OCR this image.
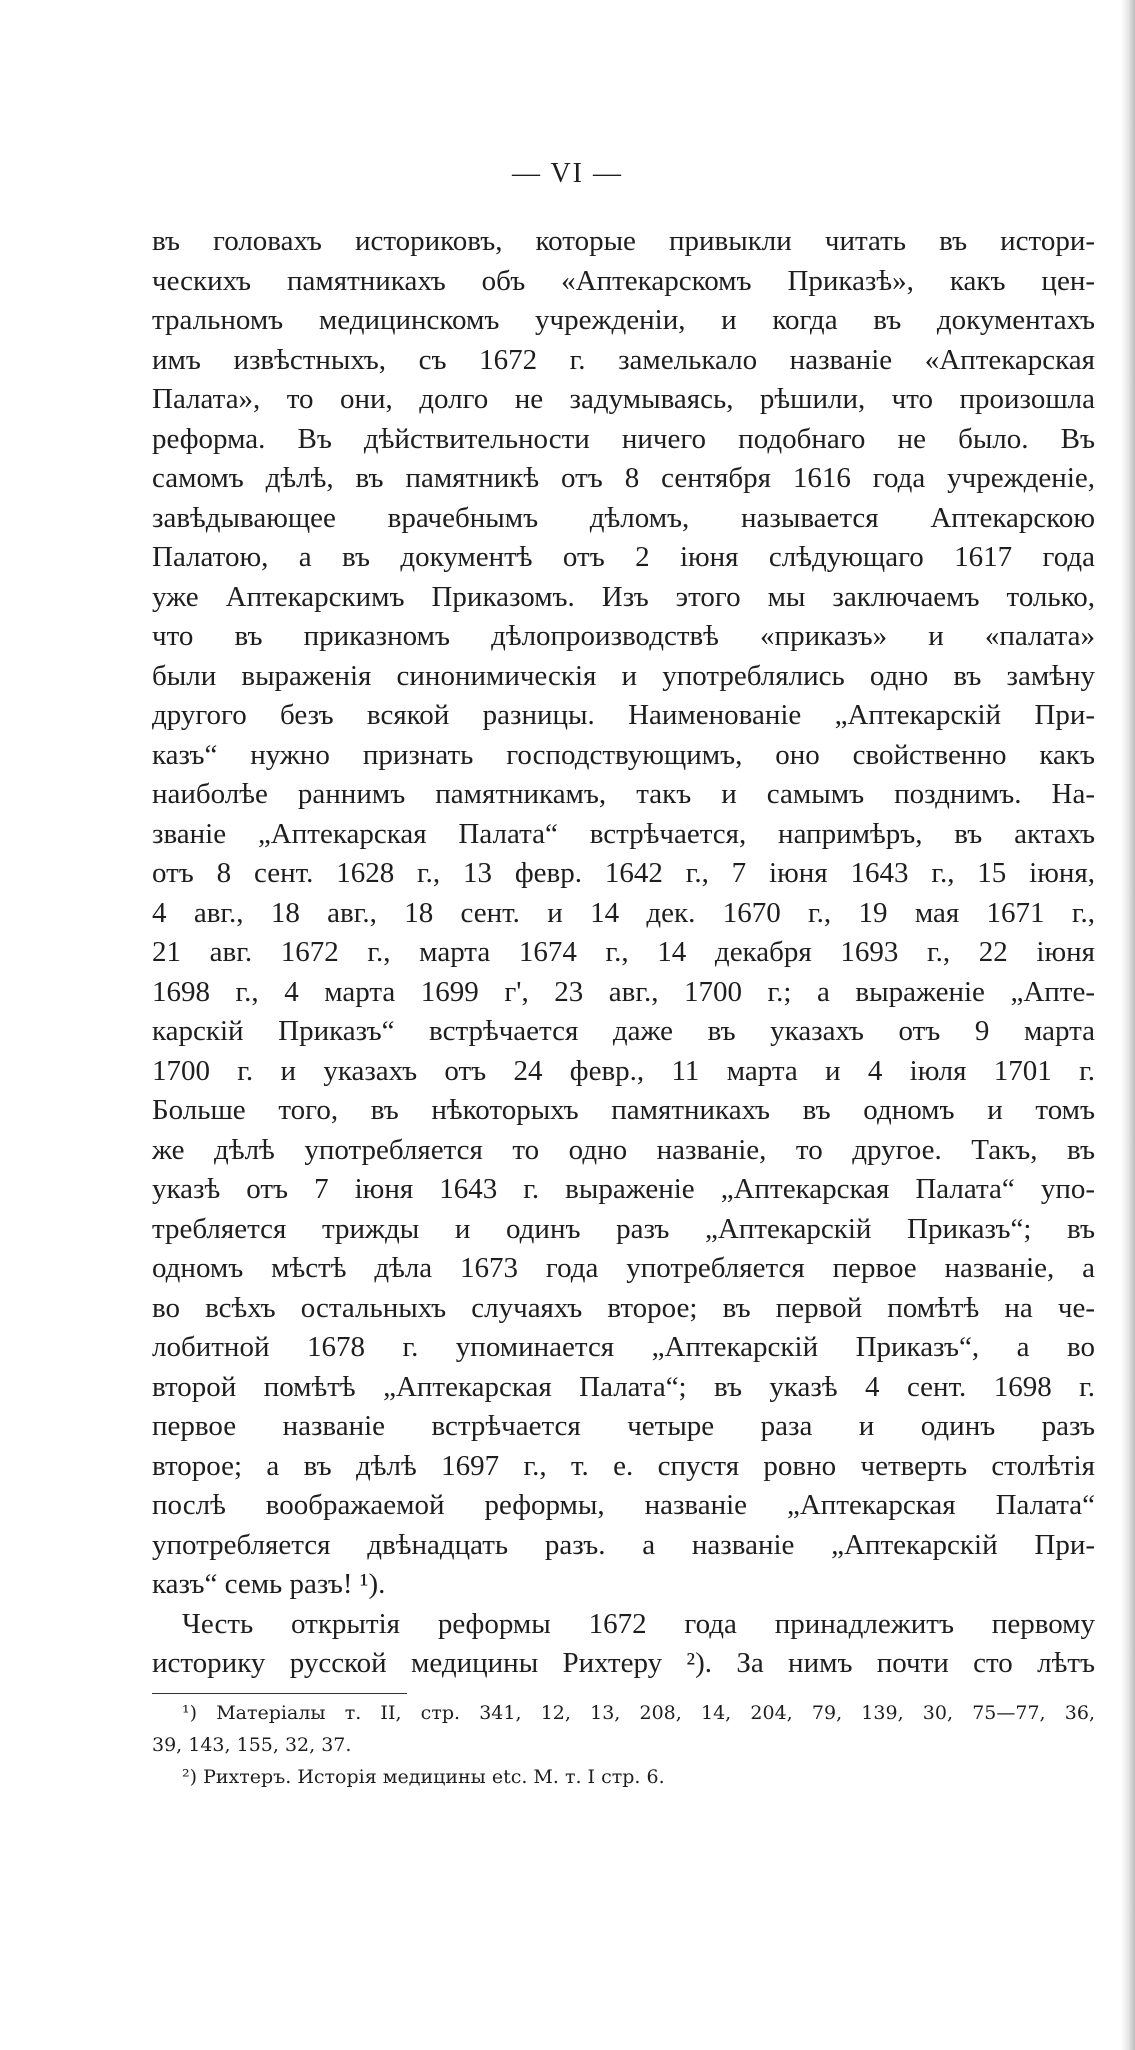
— VI —
въ головахъ историковъ, которые привыкли читать въ истори-
ческихъ памятникахъ объ «Аптекарскомъ Приказѣ», какъ цен-
тральномъ медицинскомъ учрежденіи, и когда въ документахъ
имъ извѣстныхъ, съ 1672 г. замелькало названіе «Аптекарская
Палата», то они, долго не задумываясь, рѣшили, что произошла
реформа. Въ дѣйствительности ничего подобнаго не было. Въ
самомъ дѣлѣ, въ памятникѣ отъ 8 сентября 1616 года учрежденіе,
завѣдывающее врачебнымъ дѣломъ, называется Аптекарскою
Палатою, а въ документѣ отъ 2 іюня слѣдующаго 1617 года
уже Аптекарскимъ Приказомъ. Изъ этого мы заключаемъ только,
что въ приказномъ дѣлопроизводствѣ «приказъ» и «палата»
были выраженія синонимическія и употреблялись одно въ замѣну
другого безъ всякой разницы. Наименованіе „Аптекарскій При-
казъ“ нужно признать господствующимъ, оно свойственно какъ
наиболѣе раннимъ памятникамъ, такъ и самымъ позднимъ. На-
званіе „Аптекарская Палата“ встрѣчается, напримѣръ, въ актахъ
отъ 8 сент. 1628 г., 13 февр. 1642 г., 7 іюня 1643 г., 15 іюня,
4 авг., 18 авг., 18 сент. и 14 дек. 1670 г., 19 мая 1671 г.,
21 авг. 1672 г., марта 1674 г., 14 декабря 1693 г., 22 іюня
1698 г., 4 марта 1699 г', 23 авг., 1700 г.; а выраженіе „Апте-
карскій Приказъ“ встрѣчается даже въ указахъ отъ 9 марта
1700 г. и указахъ отъ 24 февр., 11 марта и 4 іюля 1701 г.
Больше того, въ нѣкоторыхъ памятникахъ въ одномъ и томъ
же дѣлѣ употребляется то одно названіе, то другое. Такъ, въ
указѣ отъ 7 іюня 1643 г. выраженіе „Аптекарская Палата“ упо-
требляется трижды и одинъ разъ „Аптекарскій Приказъ“; въ
одномъ мѣстѣ дѣла 1673 года употребляется первое названіе, а
во всѣхъ остальныхъ случаяхъ второе; въ первой помѣтѣ на че-
лобитной 1678 г. упоминается „Аптекарскій Приказъ“, а во
второй помѣтѣ „Аптекарская Палата“; въ указѣ 4 сент. 1698 г.
первое названіе встрѣчается четыре раза и одинъ разъ
второе; а въ дѣлѣ 1697 г., т. е. спустя ровно четверть столѣтія
послѣ воображаемой реформы, названіе „Аптекарская Палата“
употребляется двѣнадцать разъ. а названіе „Аптекарскій При-
казъ“ семь разъ! ¹).
Честь открытія реформы 1672 года принадлежитъ первому
историку русской медицины Рихтеру ²). За нимъ почти сто лѣтъ
¹) Матеріалы т. II, стр. 341, 12, 13, 208, 14, 204, 79, 139, 30, 75—77, 36,
39, 143, 155, 32, 37.
²) Рихтеръ. Исторія медицины etc. M. т. I стр. 6.
